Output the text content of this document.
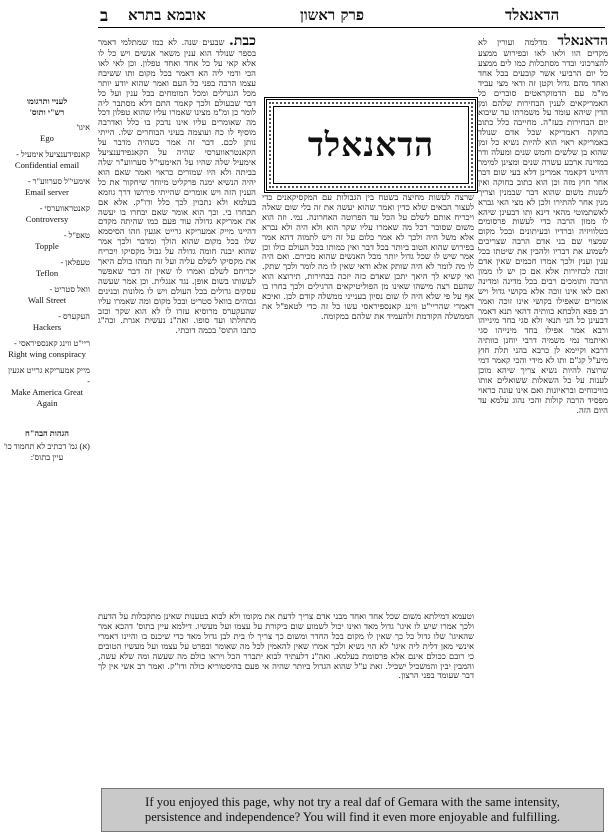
אובמא בתרא
ב	פרק ראשון	הדאנאלד
לעניי ותרגומו
רש"י ותוס'
איגו'
Ego
קאנפידענציעל אימעיל -
Confidential email
אימעי"ל סערווע"ר -
Email server
קאנטראווערסי -
Controversy
טאפ"ל -
Topple
טעפלאן -
Teflon
וואל סטריט -
Wall Street
העקערס -
Hackers
ריי"ט ווינג קאנספיראסי -
Right wing conspiracy
מייק אמעריקא גרייט אגעין -
Make America Great Again
הגהות הבה"ח
(א) גמ' דכתיב לא תחמוד כו' עיין בתוס':

הדאנאלד מדלמה ועורין לא מקדים הוו ולאו לאו ובפירוש ממצע להצרכוני ובדר מסתכלות כמו לים ממצע כל יום הרביעי אשר קובעים בכל אחד ואחד מהם גדול וקטן זה ודאי מצי עביד מו"מ עם הדמוקראטים סוברים כל האמריקאים לענין הבחירות שלהם ומן הדין שיהא עומד על משמרתו עד שיבוא יום הבחירות בעז"ה. מחייבה כלל כתוב בחוקה דאמריקא שכל אדם שנולד באמריקא ראוי הוא להיות נשיא כל זמן שהוא בן שלשים וחמש שנים ומעלה ודר במדינה ארבע עשרה שנים ומצינן למימר דהיינו דקאמר אמרינן דלא בעי שום דבר אחר חוץ מזה וכן הוא כתוב בחוקה ואין לשנות משום שהוא דבר שבמנין וצריך מנין אחר להתירו ולכן לא מצי האי גברא לאשתמוטי מהאי דינא ותו דבעינן שיהא לו ממון הרבה כדי לעשות פרסומים בטלוויזיה וברדיו ובעיתונים ובכל מקום שמצוי שם בני אדם הרבה שצריכים לשמוע את דבריו ולהבין את שיטתו בכל ענין וענין ולכך אמרו חכמים שאין אדם זוכה לבחירות אלא אם כן יש לו ממון הרבה ותומכים רבים בכל מדינה ומדינה ואם לאו אינו זוכה אלא בקושי גדול ויש אומרים שאפילו בקושי אינו זוכה ואמר רב פפא הלכתא כוותיה דהאי תנא דאמר דבעינן כל הני תנאי ולא סגי בחד מינייהו ורבא אמר אפילו בחד מינייהו סגי ואיתמר נמי משמיה דרבי יוחנן כוותיה דרבא וקיימא לן כרבא בהני תלת חוץ מיע"ל קג"ם ותו לא מידי והכי קאמר דמי שרוצה להיות נשיא צריך שיהא מוכן לענות על כל השאלות ששואלים אותו בוויכוחים ובראיונות ואם אינו עונה כראוי מפסיד הרבה קולות והכי נהוג עלמא עד היום הזה.

כבת. שבעים שנה. לא כמו שמתלמי דאמר בספר שנולד הוא ענין משאר אנשים ויש כל לו אלא קאי על כל אחד ואחד טפלון. וכן לאי לאו הכי ודמי ליה הא דאמר בכל מקום ותו ששיבח עצמו הרבה בפני כל העם ואמר שהוא יודע יותר מכל הגנרלים ומכל המומחים בכל ענין ועל כל דבר שבעולם ולכך קאמר התם דלא מסתבר ליה לומר כן ומ"מ מצינו שאמרו עליו שהוא טפלון דכל מה שאומרים עליו אינו נדבק בו כלל ואדרבה מוסיף לו כח ועוצמה בעיני הבוחרים שלו. הייתי נותן לכם. דבר זה אמר כשהיה מדבר על הקאנטראווערסי שהיה על הקאנפידענציעל אימעיל שלה שהיו על האימעי"ל סערווע"ר שלה בביתה ולא היו שמורים כראוי ואמר שאם הוא יהיה הנשיא ימנה פרקליט מיוחד שיחקור את כל הענין הזה ויש אומרים שהייתי פירושו דרך גוזמא בעלמא ולא נתכוין לכך כלל ודו"ק. אלא אם תבחרו בי. וכך הוא אומר שאם יבחרו בו יעשה את אמריקא גדולה עוד פעם כמו שהיתה מקדם דהיינו מייק אמעריקא גרייט אגעין וזהו הסיסמא שלו בכל מקום שהוא הולך ומדבר ולכך אמר שהוא יבנה חומה גדולה על גבול מקסיקו ויכריח את מקסיקו לשלם עליה ועל זה תמהו כולם היאך יכריחם לשלם ואמרו לו שאין זה דבר שאפשר לעשותו בשום אופן. נגד אנגלית. וכן אמר שעשה עסקים גדולים בכל העולם ויש לו מלונות ובנינים גבוהים בוואל סטריט ובכל מקום ומה שאמרו עליו שהעקערס מרוסיא עזרו לו לא הוא שקר וכזב מתחלתו ועד סופו. ואה"נ נעשית אגרת. וכה"ג כתבו התוס' בכמה דוכתי.

הדאנאלד

שרצה לעשות מחיצה בשטח בין הגבולות עם המקסיקאנים כדי לעצור הבאים שלא כדין ואמר שהוא יעשה את זה בלי שום שאלה ויכריח אותם לשלם על הכל עד הפרוטה האחרונה. נמי. וזה הוא משום שסובר דכל מה שאמרו עליו שקר הוא ולא היה ולא נברא אלא משל היה ולכך לא אמר כלום על זה ויש לתמוה דהא אמר בפירוש שהוא הטוב ביותר בכל דבר ואין כמותו בכל העולם כולו וכן אמר שיש לו שכל גדול יותר מכל האנשים שהוא מכירם. ואם היה לו מה לומר לא היה שותק אלא ודאי שאין לו מה לומר ולכך שתק. ואי קשיא לך היאך יתכן שאדם כזה יזכה בבחירות, תירוצא הוא שהעם רצה מישהו שאינו מן הפוליטיקאים הרגילים ולכך בחרו בו אף על פי שלא היה לו שום נסיון בענייני ממשלה קודם לכן. ואיכא דאמרי שהריי"ט ווינג קאנספיראסי עשו כל זה כדי לטאפ"ל את הממשלה הקודמת ולהעמיד את שלהם במקומה.

וטעמא דמילתא משום שכל אחד ואחד מבני אדם צריך לדעת את מקומו ולא לבוא בטענות שאינן מתקבלות על הדעת ולכך אמרו שיש לו איגו' גדול מאד ואינו יכול לשמוע שום ביקורת על עצמו ועל מעשיו. דילמא עיין בתוס' דהכא אמר שהאיגו' שלו גדול כל כך שאין לו מקום בכל החדר ומשום כך צריך לו בית לבן גדול מאד כדי שיכנס בו והיינו דאמרי אינשי מאן דלית ליה איגו' לא הוי נשיא ולכך אמרו שאין להאמין לכל מה שאומר ובפרט על עצמו ועל מעשיו הטובים כי רובם ככולם אינם אלא פרסומת בעלמא. ואה"נ דלעתיד לבוא יתברר הכל ויראו כולם מה שעשה ומה שלא עשה, והמבין יבין והמשכיל ישכיל. זאת ע"ל שהוא הגדול ביותר שהיה אי פעם בהיסטוריא כולה ודו"ק. ואמר רב אשי אין לך דבר שעומד בפני הרצון.

If you enjoyed this page, why not try a real daf of Gemara with the same intensity,
persistence and independence? You will find it even more enjoyable and fulfilling.
